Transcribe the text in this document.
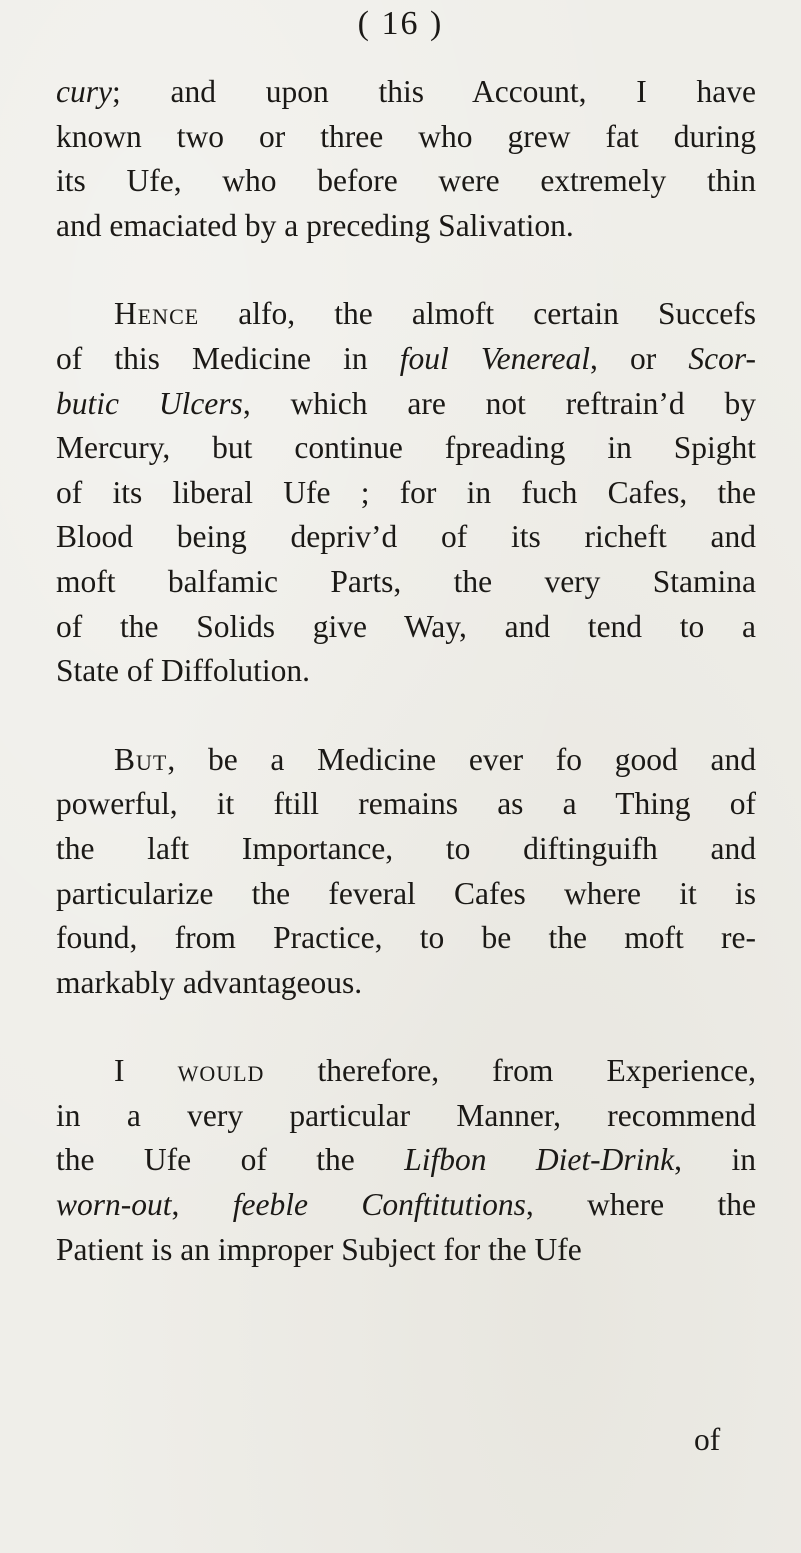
( 16 )
cury; and upon this Account, I have
known two or three who grew fat during
its Ufe, who before were extremely thin
and emaciated by a preceding Salivation.
Hence alfo, the almoft certain Succefs
of this Medicine in foul Venereal, or Scor-
butic Ulcers, which are not reftrain’d by
Mercury, but continue fpreading in Spight
of its liberal Ufe ; for in fuch Cafes, the
Blood being depriv’d of its richeft and
moft balfamic Parts, the very Stamina
of the Solids give Way, and tend to a
State of Diffolution.
But, be a Medicine ever fo good and
powerful, it ftill remains as a Thing of
the laft Importance, to diftinguifh and
particularize the feveral Cafes where it is
found, from Practice, to be the moft re-
markably advantageous.
I would therefore, from Experience,
in a very particular Manner, recommend
the Ufe of the Lifbon Diet-Drink, in
worn-out, feeble Conftitutions, where the
Patient is an improper Subject for the Ufe
of
